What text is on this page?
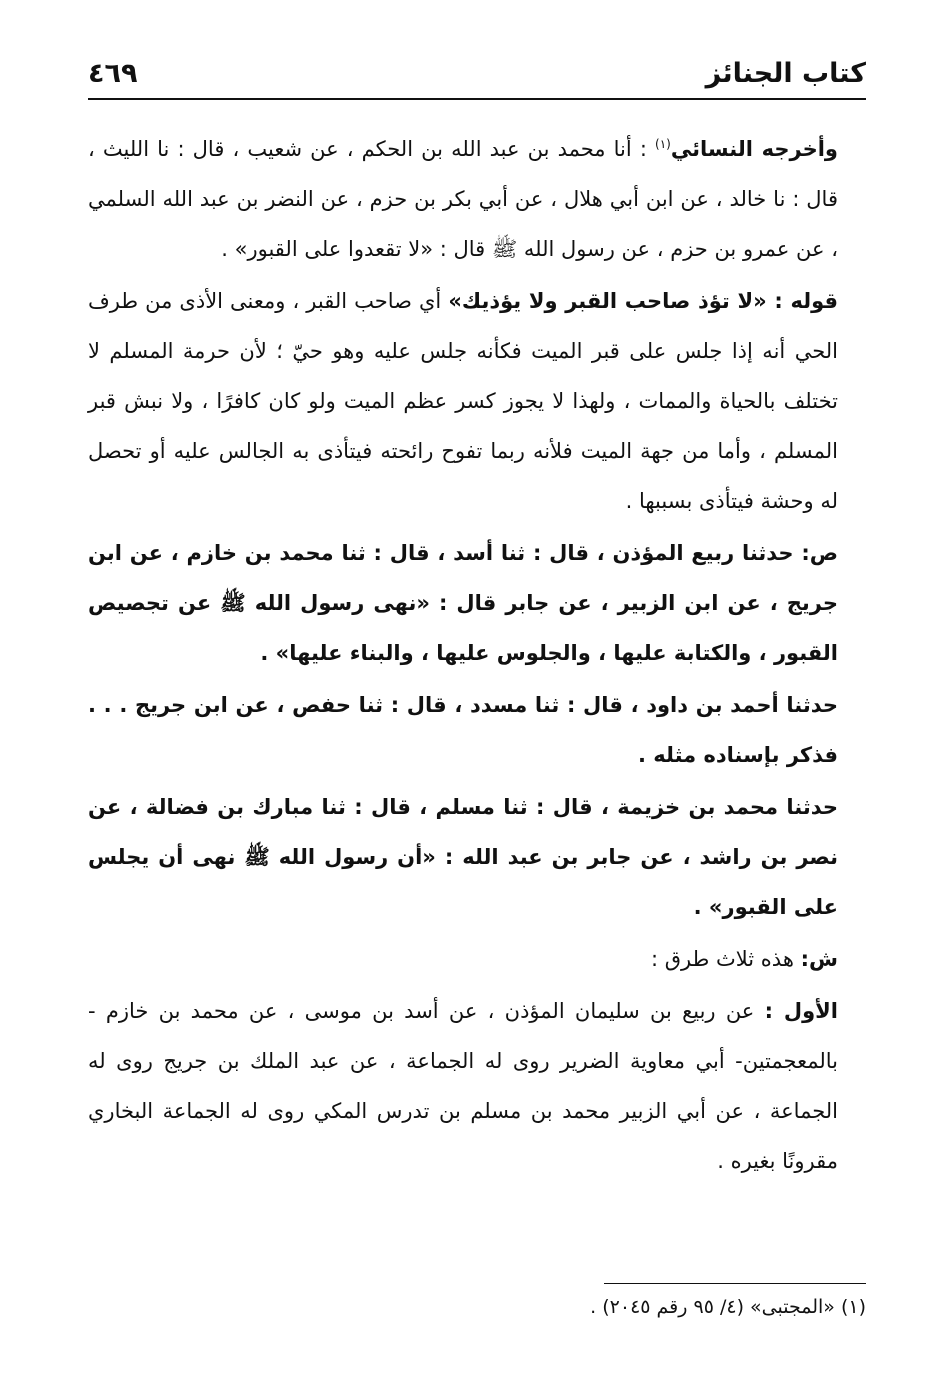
كتاب الجنائز
٤٦٩

وأخرجه النسائي$^{(١)}$ : أنا محمد بن عبد الله بن الحكم ، عن شعيب ، قال : نا الليث ، قال : نا خالد ، عن ابن أبي هلال ، عن أبي بكر بن حزم ، عن النضر بن عبد الله السلمي ، عن عمرو بن حزم ، عن رسول الله ﷺ قال : «لا تقعدوا على القبور» .

قوله : «لا تؤذ صاحب القبر ولا يؤذيك» أي صاحب القبر ، ومعنى الأذى من طرف الحي أنه إذا جلس على قبر الميت فكأنه جلس عليه وهو حيّ ؛ لأن حرمة المسلم لا تختلف بالحياة والممات ، ولهذا لا يجوز كسر عظم الميت ولو كان كافرًا ، ولا نبش قبر المسلم ، وأما من جهة الميت فلأنه ربما تفوح رائحته فيتأذى به الجالس عليه أو تحصل له وحشة فيتأذى بسببها .

ص: حدثنا ربيع المؤذن ، قال : ثنا أسد ، قال : ثنا محمد بن خازم ، عن ابن جريج ، عن ابن الزبير ، عن جابر قال : «نهى رسول الله ﷺ عن تجصيص القبور ، والكتابة عليها ، والجلوس عليها ، والبناء عليها» .

حدثنا أحمد بن داود ، قال : ثنا مسدد ، قال : ثنا حفص ، عن ابن جريج . . . فذكر بإسناده مثله .

حدثنا محمد بن خزيمة ، قال : ثنا مسلم ، قال : ثنا مبارك بن فضالة ، عن نصر بن راشد ، عن جابر بن عبد الله : «أن رسول الله ﷺ نهى أن يجلس على القبور» .

ش: هذه ثلاث طرق :

الأول : عن ربيع بن سليمان المؤذن ، عن أسد بن موسى ، عن محمد بن خازم - بالمعجمتين- أبي معاوية الضرير روى له الجماعة ، عن عبد الملك بن جريج روى له الجماعة ، عن أبي الزبير محمد بن مسلم بن تدرس المكي روى له الجماعة البخاري مقرونًا بغيره .

(١) «المجتبى» (٤/ ٩٥ رقم ٢٠٤٥) .
